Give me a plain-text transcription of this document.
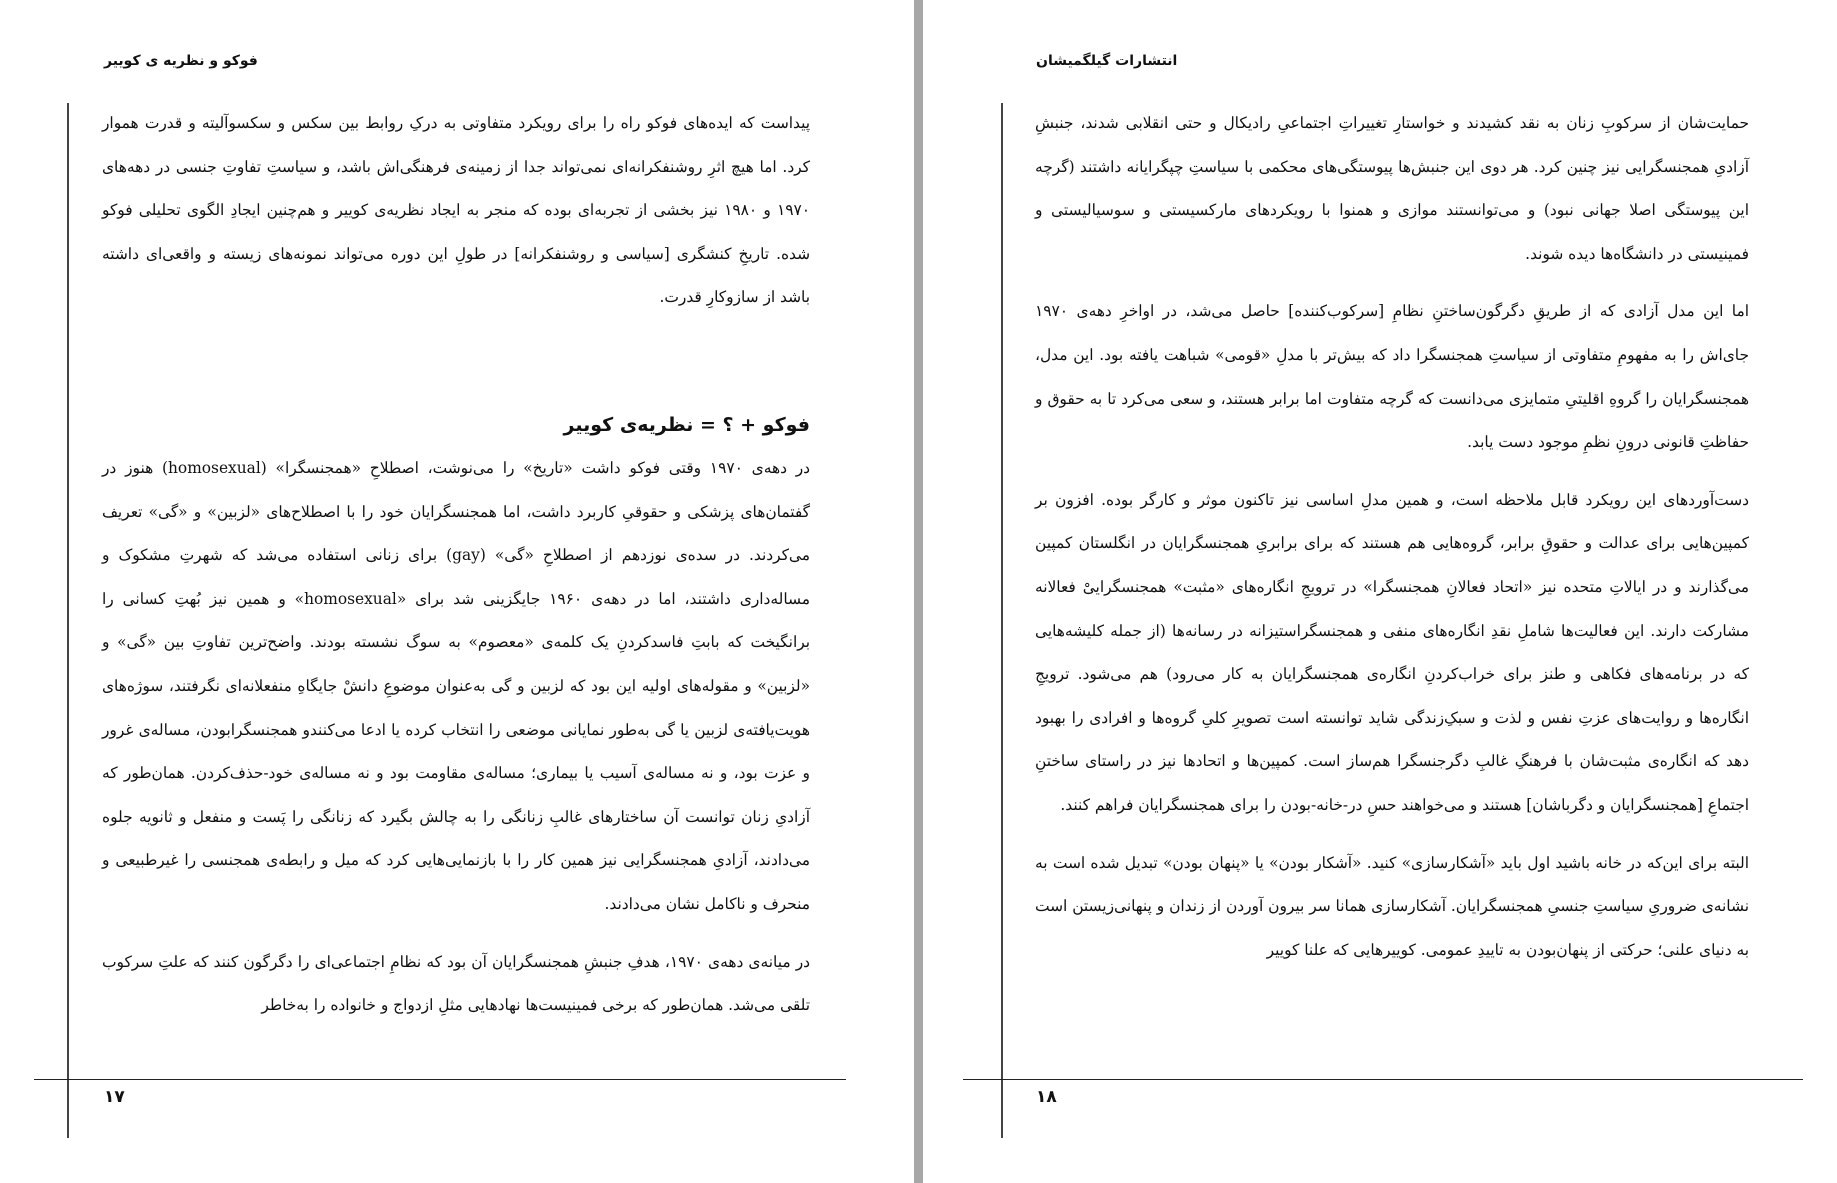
فوکو و نظریه ی کوییر

پیداست که ایده‌های فوکو راه را برای رویکرد متفاوتی به درکِ روابط بین سکس و سکسوآلیته و قدرت هموار کرد. اما هیچ اثرِ روشنفکرانه‌ای نمی‌تواند جدا از زمینه‌ی فرهنگی‌اش باشد، و سیاستِ تفاوتِ جنسی در دهه‌های ۱۹۷۰ و ۱۹۸۰ نیز بخشی از تجربه‌ای بوده که منجر به ایجاد نظریه‌ی کوییر و هم‌چنین ایجادِ الگوی تحلیلی فوکو شده. تاریخِ کنشگری [سیاسی و روشنفکرانه] در طولِ این دوره می‌تواند نمونه‌های زیسته و واقعی‌ای داشته باشد از سازوکارِ قدرت.

فوکو + ؟ = نظریه‌ی کوییر

در دهه‌ی ۱۹۷۰ وقتی فوکو داشت «تاریخ» را می‌نوشت، اصطلاحِ «همجنسگرا» (homosexual) هنوز در گفتمان‌های پزشکی و حقوقیِ کاربرد داشت، اما همجنسگرایان خود را با اصطلاح‌های «لزبین» و «گی» تعریف می‌کردند. در سده‌ی نوزدهم از اصطلاحِ «گی» (gay) برای زنانی استفاده می‌شد که شهرتِ مشکوک و مساله‌داری داشتند، اما در دهه‌ی ۱۹۶۰ جایگزینی شد برای «homosexual» و همین نیز بُهتِ کسانی را برانگیخت که بابتِ فاسدکردنِ یک کلمه‌ی «معصوم» به سوگ نشسته بودند. واضح‌ترین تفاوتِ بین «گی» و «لزبین» و مقوله‌های اولیه این بود که لزبین و گی به‌عنوان موضوعِ دانشْ جایگاهِ منفعلانه‌ای نگرفتند، سوژه‌های هویت‌یافته‌ی لزبین یا گی به‌طور نمایانی موضعی را انتخاب کرده یا ادعا می‌کنندو همجنسگرابودن، مساله‌ی غرور و عزت بود، و نه مساله‌ی آسیب یا بیماری؛ مساله‌ی مقاومت بود و نه مساله‌ی خود-حذف‌کردن. همان‌طور که آزادیِ زنان توانست آن ساختارهای غالبِ زنانگی را به چالش بگیرد که زنانگی را پَست و منفعل و ثانویه جلوه می‌دادند، آزادیِ همجنسگرایی نیز همین کار را با بازنمایی‌هایی کرد که میل و رابطه‌ی همجنسی را غیرطبیعی و منحرف و ناکامل نشان می‌دادند.

در میانه‌ی دهه‌ی ۱۹۷۰، هدفِ جنبشِ همجنسگرایان آن بود که نظامِ اجتماعی‌ای را دگرگون کنند که علتِ سرکوب تلقی می‌شد. همان‌طور که برخی فمینیست‌ها نهادهایی مثلِ ازدواج و خانواده را به‌خاطر

۱۷
انتشارات گیلگمیشان

حمایت‌شان از سرکوبِ زنان به نقد کشیدند و خواستارِ تغییراتِ اجتماعیِ رادیکال و حتی انقلابی شدند، جنبشِ آزادیِ همجنسگرایی نیز چنین کرد. هر دوی این جنبش‌ها پیوستگی‌های محکمی با سیاستِ چپگرایانه داشتند (گرچه این پیوستگی اصلا جهانی نبود) و می‌توانستند موازی و همنوا با رویکردهای مارکسیستی و سوسیالیستی و فمینیستی در دانشگاه‌ها دیده شوند.

اما این مدل آزادی که از طریقِ دگرگون‌ساختنِ نظامِ [سرکوب‌کننده] حاصل می‌شد، در اواخرِ دهه‌ی ۱۹۷۰ جای‌اش را به مفهومِ متفاوتی از سیاستِ همجنسگرا داد که بیش‌تر با مدلِ «قومی» شباهت یافته بود. این مدل، همجنسگرایان را گروهِ اقلیتیِ متمایزی می‌دانست که گرچه متفاوت اما برابر هستند، و سعی می‌کرد تا به حقوق و حفاظتِ قانونی درونِ نظمِ موجود دست یابد.

دست‌آوردهای این رویکرد قابل ملاحظه است، و همین مدلِ اساسی نیز تاکنون موثر و کارگر بوده. افزون بر کمپین‌هایی برای عدالت و حقوقِ برابر، گروه‌هایی هم هستند که برای برابریِ همجنسگرایان در انگلستان کمپین می‌گذارند و در ایالاتِ متحده نیز «اتحاد فعالانِ همجنسگرا» در ترویجِ انگاره‌های «مثبت» همجنسگراییْ فعالانه مشارکت دارند. این فعالیت‌ها شاملِ نقدِ انگاره‌های منفی و همجنسگراستیزانه در رسانه‌ها (از جمله کلیشه‌هایی که در برنامه‌های فکاهی و طنز برای خراب‌کردنِ انگاره‌ی همجنسگرایان به کار می‌رود) هم می‌شود. ترویجِ انگاره‌ها و روایت‌های عزتِ نفس و لذت و سبکِ‌زندگی شاید توانسته است تصویرِ کلیِ گروه‌ها و افرادی را بهبود دهد که انگاره‌ی مثبت‌شان با فرهنگِ غالبِ دگرجنسگرا هم‌ساز است. کمپین‌ها و اتحادها نیز در راستای ساختنِ اجتماعِ [همجنسگرایان و دگرباشان] هستند و می‌خواهند حسِ در-خانه-بودن را برای همجنسگرایان فراهم کنند.

البته برای این‌که در خانه باشید اول باید «آشکارسازی» کنید. «آشکار بودن» یا «پنهان بودن» تبدیل شده است به نشانه‌ی ضروریِ سیاستِ جنسیِ همجنسگرایان. آشکارسازی همانا سر بیرون آوردن از زندان و پنهانی‌زیستن است به دنیای علنی؛ حرکتی از پنهان‌بودن به تاییدِ عمومی. کوییرهایی که علنا کوییر

۱۸
